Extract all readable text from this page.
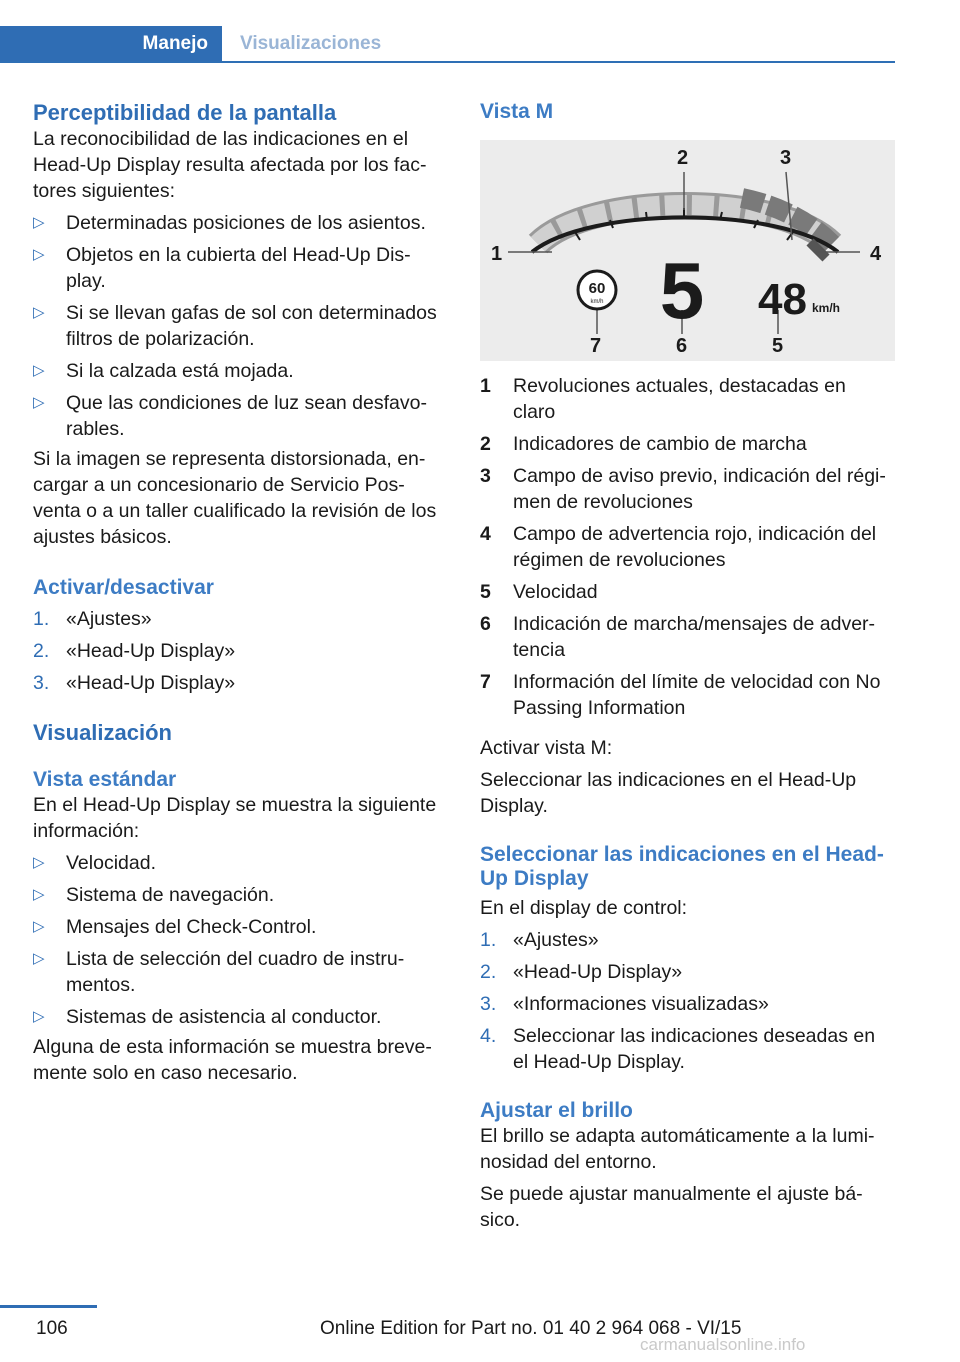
Manejo	Visualizaciones
Perceptibilidad de la pantalla

La reconocibilidad de las indicaciones en el Head-Up Display resulta afectada por los fac-tores siguientes:

▷ Determinadas posiciones de los asientos.
▷ Objetos en la cubierta del Head-Up Dis-play.
▷ Si se llevan gafas de sol con determinados filtros de polarización.
▷ Si la calzada está mojada.
▷ Que las condiciones de luz sean desfavo-rables.

Si la imagen se representa distorsionada, en-cargar a un concesionario de Servicio Pos-venta o a un taller cualificado la revisión de los ajustes básicos.

Activar/desactivar
1. «Ajustes»
2. «Head-Up Display»
3. «Head-Up Display»
Visualización
Vista estándar

En el Head-Up Display se muestra la siguiente información:

▷ Velocidad.
▷ Sistema de navegación.
▷ Mensajes del Check-Control.
▷ Lista de selección del cuadro de instru-mentos.
▷ Sistemas de asistencia al conductor.

Alguna de esta información se muestra breve-mente solo en caso necesario.

Vista M
1
2	3
4
5
6
7
60
km/h 5 48 km/h
1 Revoluciones actuales, destacadas en claro
2 Indicadores de cambio de marcha
3 Campo de aviso previo, indicación del régi-men de revoluciones
4 Campo de advertencia rojo, indicación del régimen de revoluciones
5 Velocidad
6 Indicación de marcha/mensajes de adver-tencia
7 Información del límite de velocidad con No Passing Information

Activar vista M:

Seleccionar las indicaciones en el Head-Up Display.

Seleccionar las indicaciones en el Head-Up Display

En el display de control:

1. «Ajustes»
2. «Head-Up Display»
3. «Informaciones visualizadas»
4. Seleccionar las indicaciones deseadas en el Head-Up Display.
Ajustar el brillo

El brillo se adapta automáticamente a la lumi-nosidad del entorno.

Se puede ajustar manualmente el ajuste bá-sico.

106	Online Edition for Part no. 01 40 2 964 068 - VI/15
carmanualsonline.info
